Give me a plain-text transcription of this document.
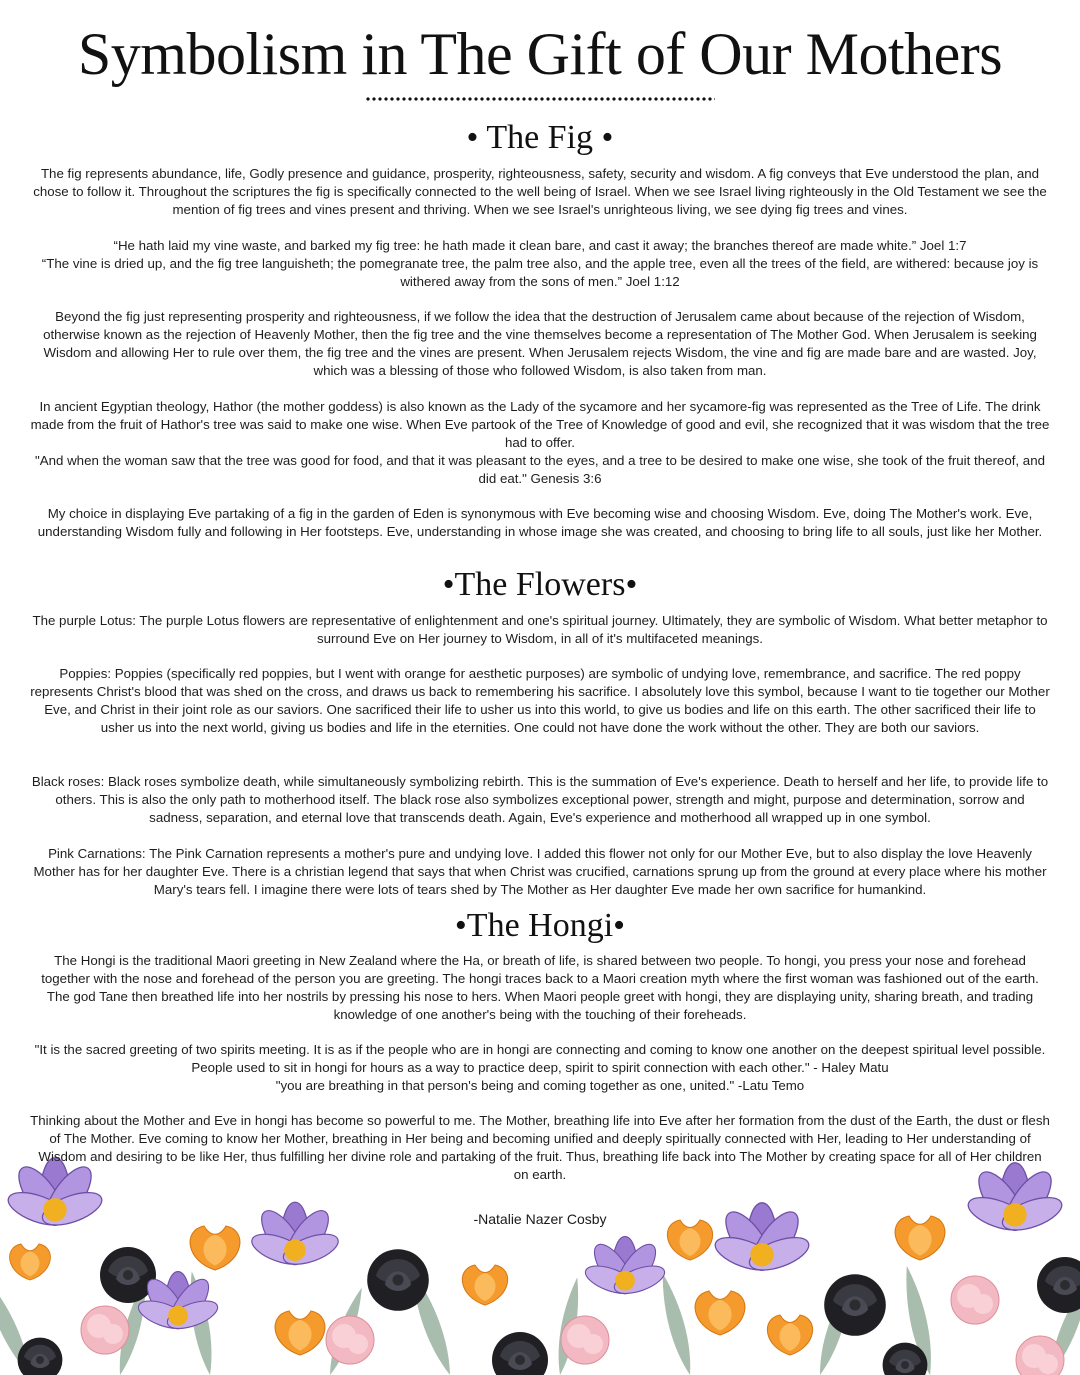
Symbolism in The Gift of Our Mothers
• The Fig •
The fig represents abundance, life, Godly presence and guidance, prosperity, righteousness, safety, security and wisdom. A fig conveys that Eve understood the plan, and chose to follow it. Throughout the scriptures the fig is specifically connected to the well being of Israel. When we see Israel living righteously in the Old Testament we see the mention of fig trees and vines present and thriving. When we see Israel's unrighteous living, we see dying fig trees and vines.
“He hath laid my vine waste, and barked my fig tree: he hath made it clean bare, and cast it away; the branches thereof are made white.” Joel 1:7
“The vine is dried up, and the fig tree languisheth; the pomegranate tree, the palm tree also, and the apple tree, even all the trees of the field, are withered: because joy is withered away from the sons of men.” Joel 1:12
Beyond the fig just representing prosperity and righteousness, if we follow the idea that the destruction of Jerusalem came about because of the rejection of Wisdom, otherwise known as the rejection of Heavenly Mother, then the fig tree and the vine themselves become a representation of The Mother God. When Jerusalem is seeking Wisdom and allowing Her to rule over them, the fig tree and the vines are present. When Jerusalem rejects Wisdom, the vine and fig are made bare and are wasted. Joy, which was a blessing of those who followed Wisdom, is also taken from man.
In ancient Egyptian theology, Hathor (the mother goddess) is also known as the Lady of the sycamore and her sycamore-fig was represented as the Tree of Life. The drink made from the fruit of Hathor's tree was said to make one wise. When Eve partook of the Tree of Knowledge of good and evil, she recognized that it was wisdom that the tree had to offer.
"And when the woman saw that the tree was good for food, and that it was pleasant to the eyes, and a tree to be desired to make one wise, she took of the fruit thereof, and did eat." Genesis 3:6
My choice in displaying Eve partaking of a fig in the garden of Eden is synonymous with Eve becoming wise and choosing Wisdom. Eve, doing The Mother's work. Eve, understanding Wisdom fully and following in Her footsteps. Eve, understanding in whose image she was created, and choosing to bring life to all souls, just like her Mother.
•The Flowers•
The purple Lotus: The purple Lotus flowers are representative of enlightenment and one's spiritual journey. Ultimately, they are symbolic of Wisdom. What better metaphor to surround Eve on Her journey to Wisdom, in all of it's multifaceted meanings.
Poppies: Poppies (specifically red poppies, but I went with orange for aesthetic purposes) are symbolic of undying love, remembrance, and sacrifice. The red poppy represents Christ's blood that was shed on the cross, and draws us back to remembering his sacrifice. I absolutely love this symbol, because I want to tie together our Mother Eve, and Christ in their joint role as our saviors. One sacrificed their life to usher us into this world, to give us bodies and life on this earth. The other sacrificed their life to usher us into the next world, giving us bodies and life in the eternities. One could not have done the work without the other. They are both our saviors.
Black roses: Black roses symbolize death, while simultaneously symbolizing rebirth. This is the summation of Eve's experience. Death to herself and her life, to provide life to others. This is also the only path to motherhood itself. The black rose also symbolizes exceptional power, strength and might, purpose and determination, sorrow and sadness, separation, and eternal love that transcends death. Again, Eve's experience and motherhood all wrapped up in one symbol.
Pink Carnations: The Pink Carnation represents a mother's pure and undying love. I added this flower not only for our Mother Eve, but to also display the love Heavenly Mother has for her daughter Eve. There is a christian legend that says that when Christ was crucified, carnations sprung up from the ground at every place where his mother Mary's tears fell. I imagine there were lots of tears shed by The Mother as Her daughter Eve made her own sacrifice for humankind.
•The Hongi•
The Hongi is the traditional Maori greeting in New Zealand where the Ha, or breath of life, is shared between two people. To hongi, you press your nose and forehead together with the nose and forehead of the person you are greeting. The hongi traces back to a Maori creation myth where the first woman was fashioned out of the earth. The god Tane then breathed life into her nostrils by pressing his nose to hers. When Maori people greet with hongi, they are displaying unity, sharing breath, and trading knowledge of one another's being with the touching of their foreheads.
"It is the sacred greeting of two spirits meeting. It is as if the people who are in hongi are connecting and coming to know one another on the deepest spiritual level possible. People used to sit in hongi for hours as a way to practice deep, spirit to spirit connection with each other." - Haley Matu
"you are breathing in that person's being and coming together as one, united." -Latu Temo
Thinking about the Mother and Eve in hongi has become so powerful to me. The Mother, breathing life into Eve after her formation from the dust of the Earth, the dust or flesh of The Mother. Eve coming to know her Mother, breathing in Her being and becoming unified and deeply spiritually connected with Her, leading to Her understanding of Wisdom and desiring to be like Her, thus fulfilling her divine role and partaking of the fruit. Thus, breathing life back into The Mother by creating space for all of Her children on earth.
-Natalie Nazer Cosby
